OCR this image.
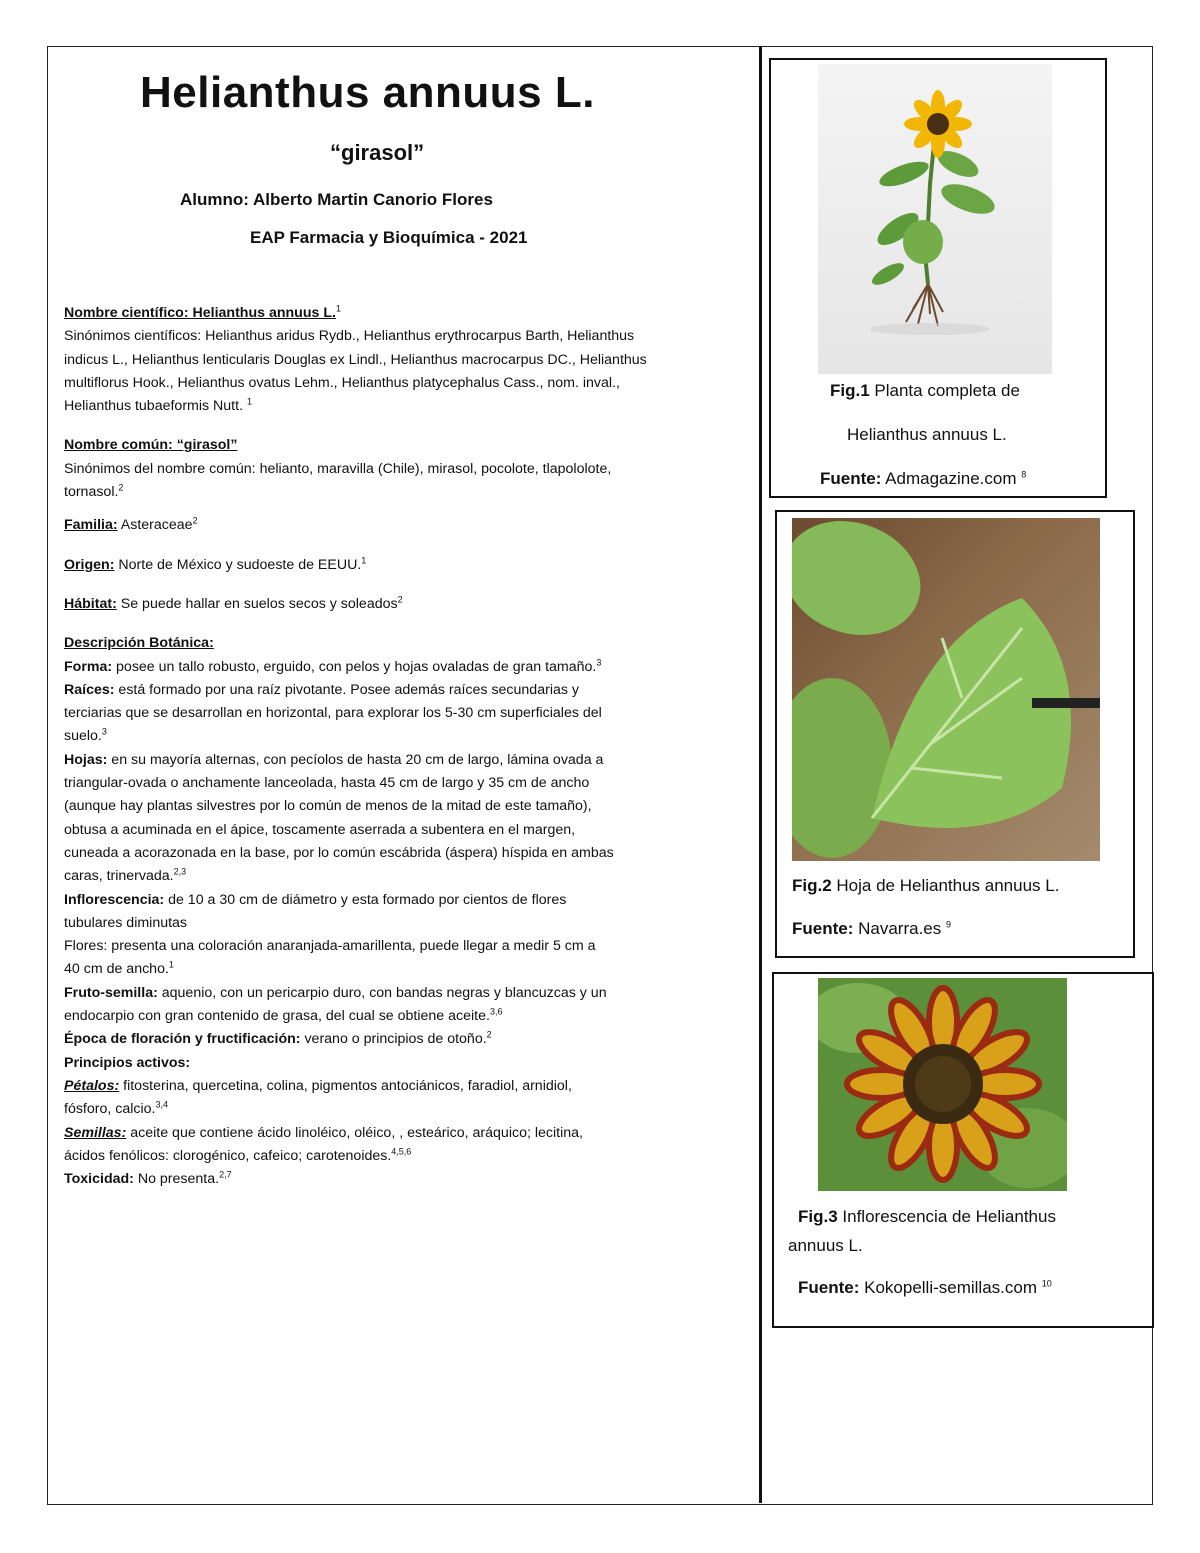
Helianthus annuus L.
“girasol”
Alumno: Alberto Martin Canorio Flores
EAP Farmacia y Bioquímica - 2021

Nombre científico: Helianthus annuus L.$^1$

Sinónimos científicos: Helianthus aridus Rydb., Helianthus erythrocarpus Barth, Helianthus
indicus L., Helianthus lenticularis Douglas ex Lindl., Helianthus macrocarpus DC., Helianthus
multiflorus Hook., Helianthus ovatus Lehm., Helianthus platycephalus Cass., nom. inval.,
Helianthus tubaeformis Nutt. $^1$

Nombre común: “girasol”

Sinónimos del nombre común: helianto, maravilla (Chile), mirasol, pocolote, tlapololote,
tornasol.$^2$

Familia: Asteraceae$^2$

Origen: Norte de México y sudoeste de EEUU.$^1$

Hábitat: Se puede hallar en suelos secos y soleados$^2$

Descripción Botánica:

Forma: posee un tallo robusto, erguido, con pelos y hojas ovaladas de gran tamaño.$^3$

Raíces: está formado por una raíz pivotante. Posee además raíces secundarias y
terciarias que se desarrollan en horizontal, para explorar los 5-30 cm superficiales del
suelo.$^3$

Hojas: en su mayoría alternas, con pecíolos de hasta 20 cm de largo, lámina ovada a
triangular-ovada o anchamente lanceolada, hasta 45 cm de largo y 35 cm de ancho
(aunque hay plantas silvestres por lo común de menos de la mitad de este tamaño),
obtusa a acuminada en el ápice, toscamente aserrada a subentera en el margen,
cuneada a acorazonada en la base, por lo común escábrida (áspera) híspida en ambas
caras, trinervada.$^{2,3}$

Inflorescencia: de 10 a 30 cm de diámetro y esta formado por cientos de flores
tubulares diminutas

Flores: presenta una coloración anaranjada-amarillenta, puede llegar a medir 5 cm a
40 cm de ancho.$^1$

Fruto-semilla: aquenio, con un pericarpio duro, con bandas negras y blancuzcas y un
endocarpio con gran contenido de grasa, del cual se obtiene aceite.$^{3,6}$

Época de floración y fructificación: verano o principios de otoño.$^2$

Principios activos:

Pétalos: fitosterina, quercetina, colina, pigmentos antociánicos, faradiol, arnidiol,
fósforo, calcio.$^{3,4}$

Semillas: aceite que contiene ácido linoléico, oléico, , esteárico, aráquico; lecitina,
ácidos fenólicos: clorogénico, cafeico; carotenoides.$^{4,5,6}$

Toxicidad: No presenta.$^{2,7}$

Fig.1 Planta completa de
Helianthus annuus L.
Fuente: Admagazine.com $^8$
Fig.2 Hoja de Helianthus annuus L.
Fuente: Navarra.es $^9$
Fig.3 Inflorescencia de Helianthus
annuus L.
Fuente: Kokopelli-semillas.com $^{10}$
